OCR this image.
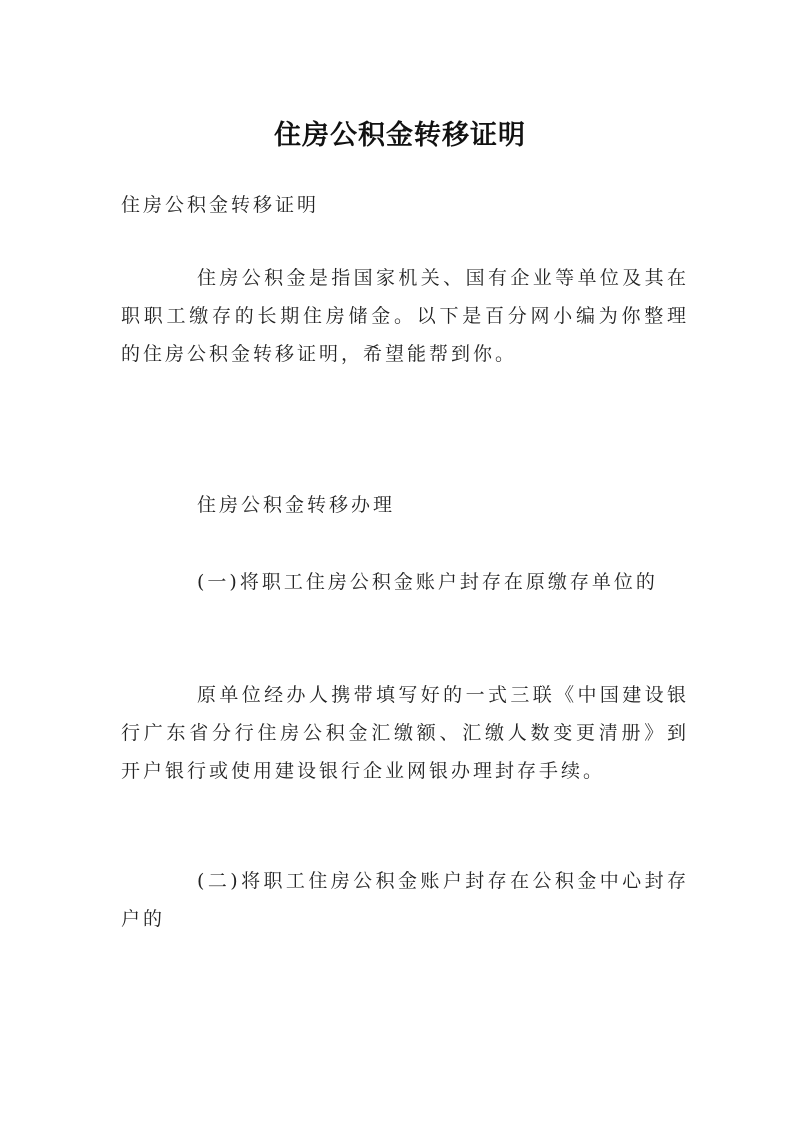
住房公积金转移证明

住房公积金转移证明

住房公积金是指国家机关、国有企业等单位及其在职职工缴存的长期住房储金。以下是百分网小编为你整理的住房公积金转移证明，希望能帮到你。

住房公积金转移办理

(一)将职工住房公积金账户封存在原缴存单位的

原单位经办人携带填写好的一式三联《中国建设银行广东省分行住房公积金汇缴额、汇缴人数变更清册》到开户银行或使用建设银行企业网银办理封存手续。

(二)将职工住房公积金账户封存在公积金中心封存户的
